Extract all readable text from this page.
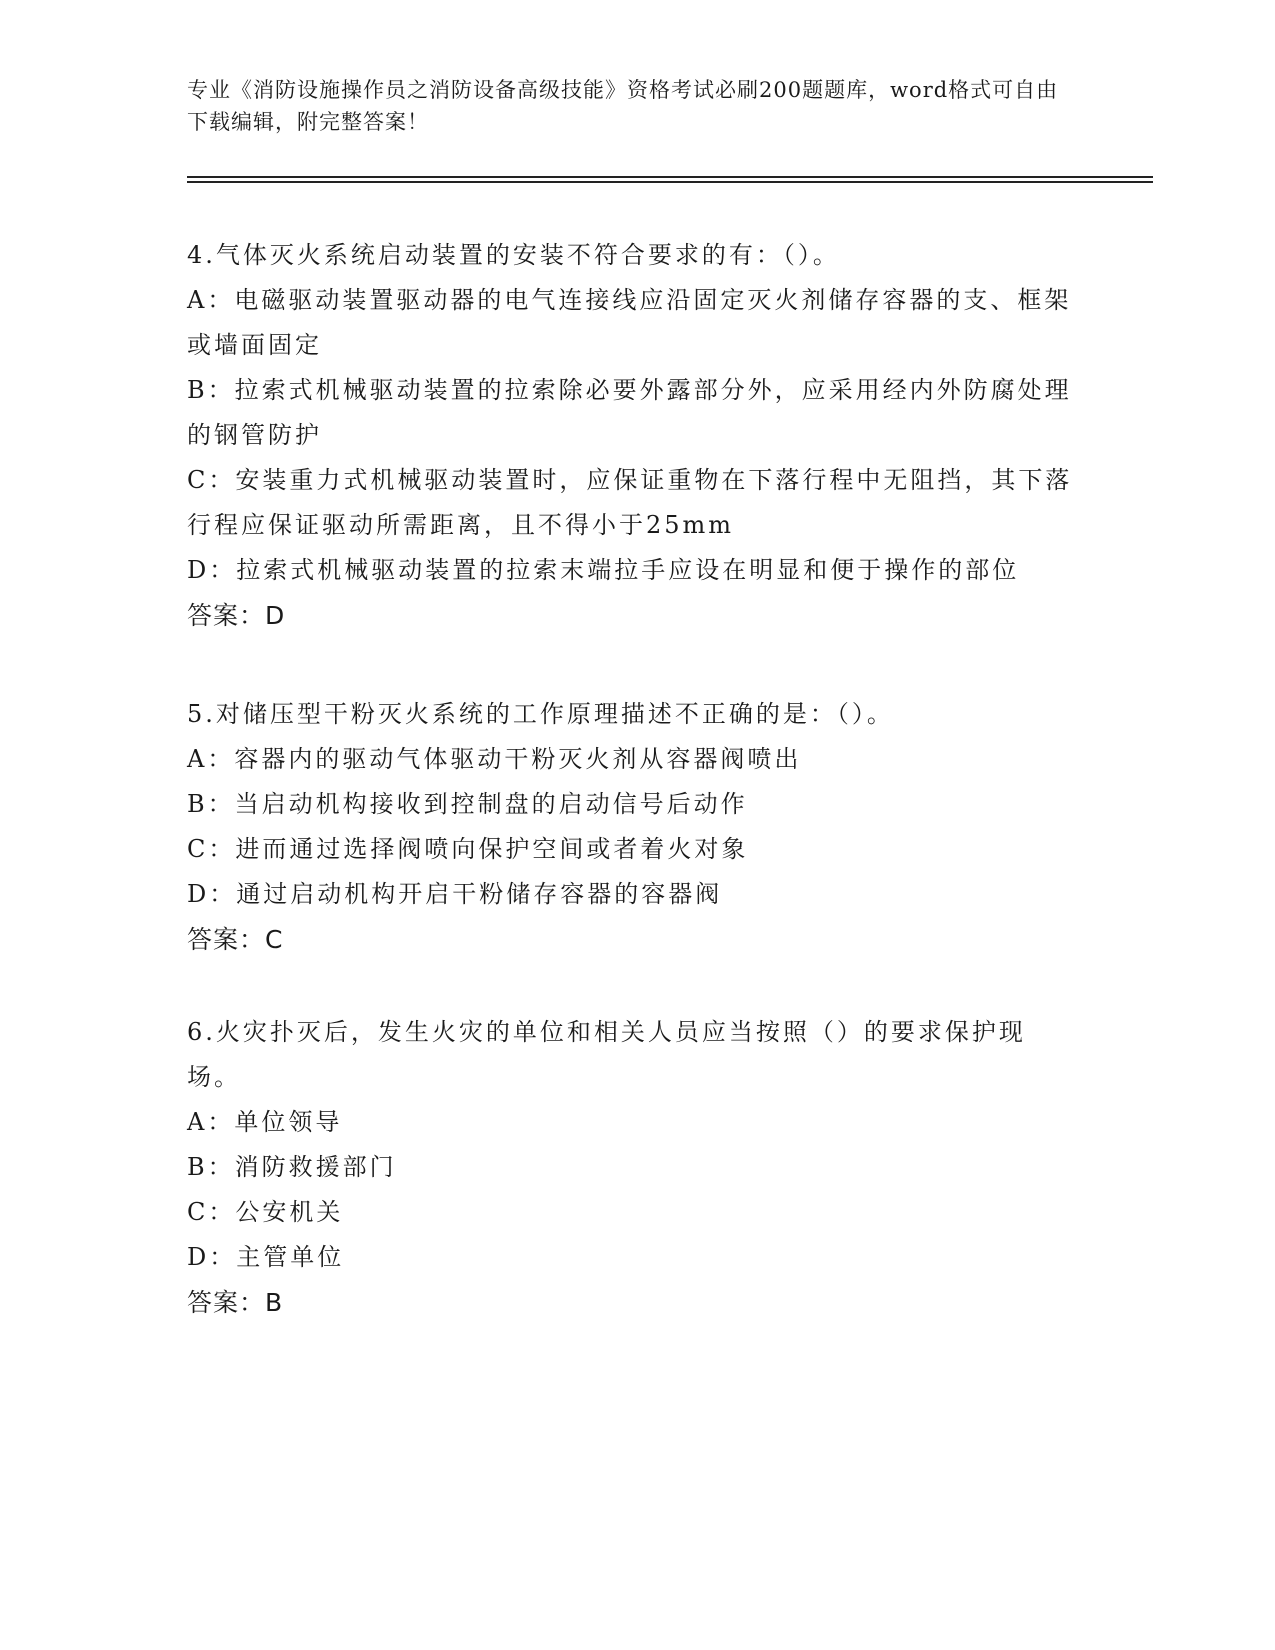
专业《消防设施操作员之消防设备高级技能》资格考试必刷200题题库，word格式可自由下载编辑，附完整答案！
4.气体灭火系统启动装置的安装不符合要求的有：（）。
A：电磁驱动装置驱动器的电气连接线应沿固定灭火剂储存容器的支、框架或墙面固定
B：拉索式机械驱动装置的拉索除必要外露部分外，应采用经内外防腐处理的钢管防护
C：安装重力式机械驱动装置时，应保证重物在下落行程中无阻挡，其下落行程应保证驱动所需距离，且不得小于25mm
D：拉索式机械驱动装置的拉索末端拉手应设在明显和便于操作的部位
答案：D
5.对储压型干粉灭火系统的工作原理描述不正确的是：（）。
A：容器内的驱动气体驱动干粉灭火剂从容器阀喷出
B：当启动机构接收到控制盘的启动信号后动作
C：进而通过选择阀喷向保护空间或者着火对象
D：通过启动机构开启干粉储存容器的容器阀
答案：C
6.火灾扑灭后，发生火灾的单位和相关人员应当按照（）的要求保护现场。
A：单位领导
B：消防救援部门
C：公安机关
D：主管单位
答案：B
